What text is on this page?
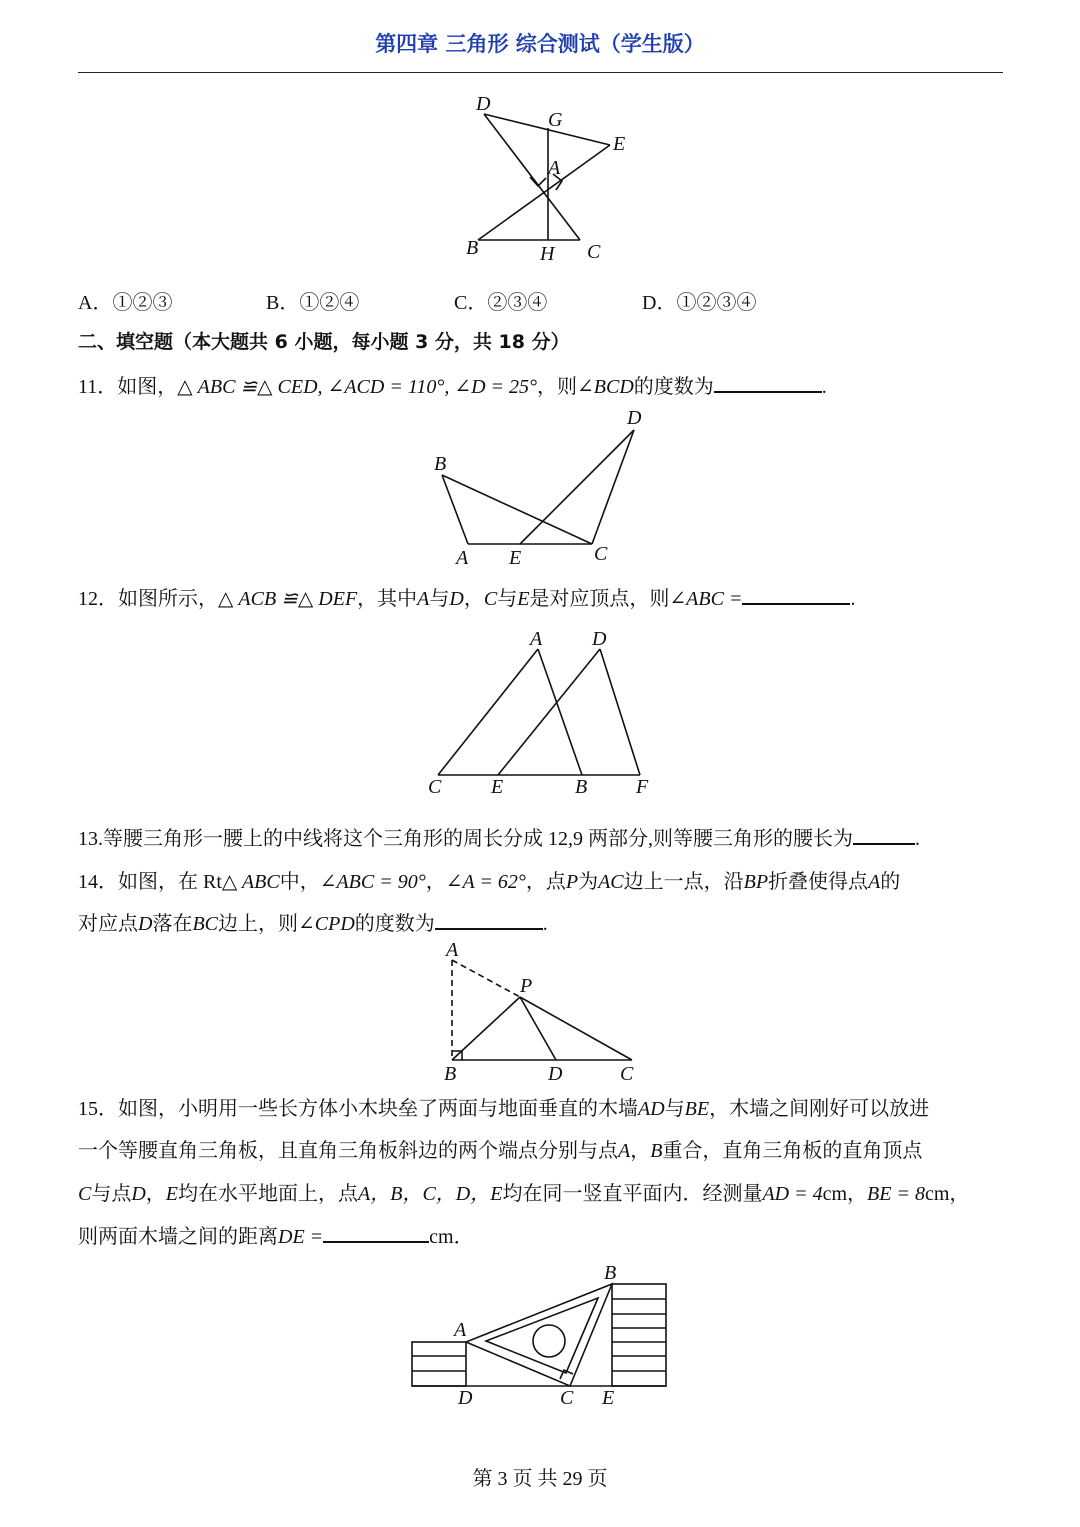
第四章 三角形 综合测试（学生版）
D
G
E
A
B	H C
A．①②③	B．①②④	C．②③④	D．①②③④
二、填空题（本大题共 6 小题，每小题 3 分，共 18 分）
11．如图，△ ABC ≌△ CED, ∠ACD = 110°, ∠D = 25°，则∠BCD的度数为	.
B
D
A E	C
12．如图所示，△ ACB ≌△ DEF，其中A与D，C与E是对应顶点，则∠ABC =	.
A D
C E	B F
13.等腰三角形一腰上的中线将这个三角形的周长分成 12,9 两部分,则等腰三角形的腰长为	.
14．如图，在 Rt△ ABC中，∠ABC = 90°，∠A = 62°，点P为AC边上一点，沿BP折叠使得点A的
对应点D落在BC边上，则∠CPD的度数为	.
A
P
B	D	C
15．如图，小明用一些长方体小木块垒了两面与地面垂直的木墙AD与BE，木墙之间刚好可以放进
一个等腰直角三角板，且直角三角板斜边的两个端点分别与点A，B重合，直角三角板的直角顶点
C与点D，E均在水平地面上，点A，B，C，D，E均在同一竖直平面内．经测量AD = 4cm，BE = 8cm，
则两面木墙之间的距离DE =	cm．
B
A
D	C E
第 3 页 共 29 页
